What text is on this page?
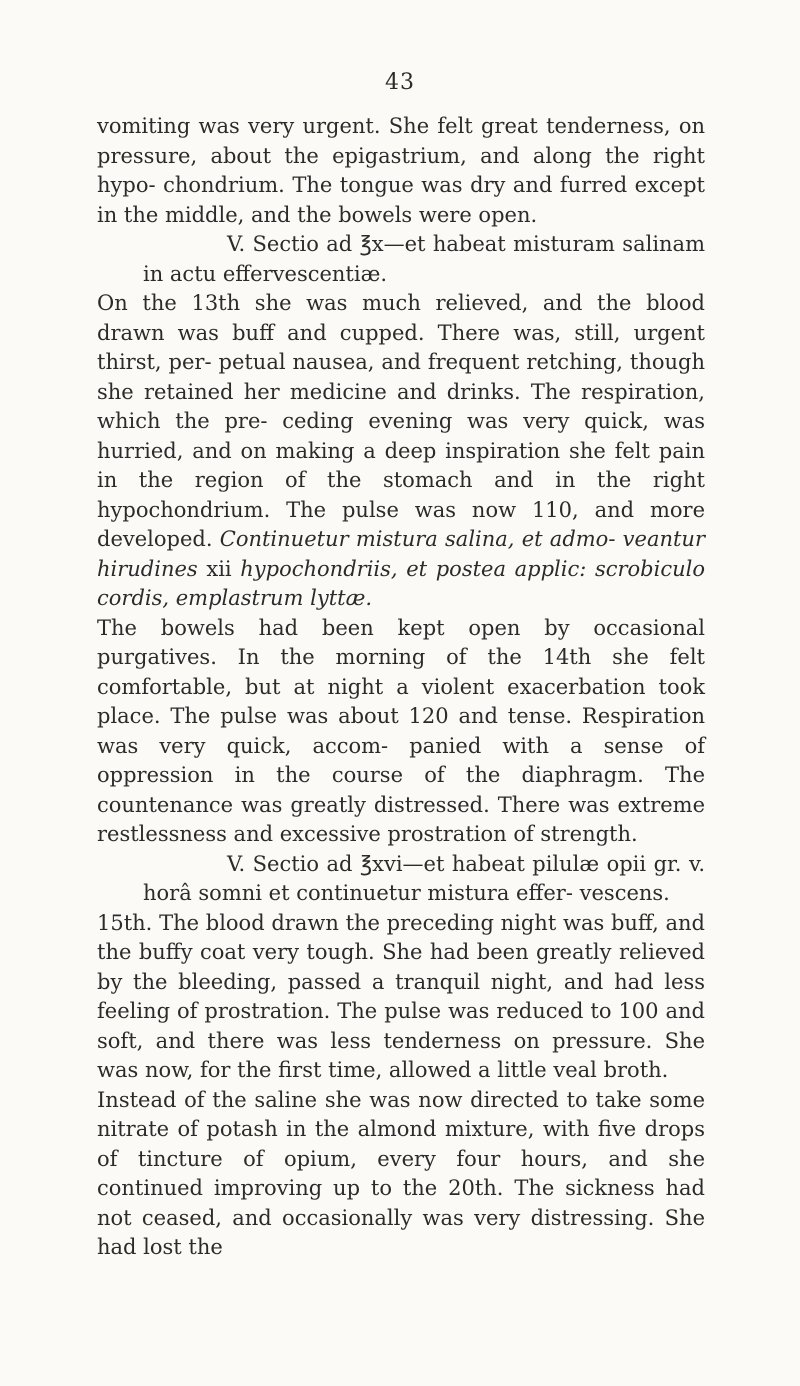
43

vomiting was very urgent. She felt great tenderness, on pressure, about the epigastrium, and along the right hypo- chondrium. The tongue was dry and furred except in the middle, and the bowels were open.

V. Sectio ad ℥x—et habeat misturam salinam in actu effervescentiæ.

On the 13th she was much relieved, and the blood drawn was buff and cupped. There was, still, urgent thirst, per- petual nausea, and frequent retching, though she retained her medicine and drinks. The respiration, which the pre- ceding evening was very quick, was hurried, and on making a deep inspiration she felt pain in the region of the stomach and in the right hypochondrium. The pulse was now 110, and more developed. Continuetur mistura salina, et admo- veantur hirudines xii hypochondriis, et postea applic: scrobiculo cordis, emplastrum lyttæ.

The bowels had been kept open by occasional purgatives. In the morning of the 14th she felt comfortable, but at night a violent exacerbation took place. The pulse was about 120 and tense. Respiration was very quick, accom- panied with a sense of oppression in the course of the diaphragm. The countenance was greatly distressed. There was extreme restlessness and excessive prostration of strength.

V. Sectio ad ℥xvi—et habeat pilulæ opii gr. v. horâ somni et continuetur mistura effer- vescens.

15th. The blood drawn the preceding night was buff, and the buffy coat very tough. She had been greatly relieved by the bleeding, passed a tranquil night, and had less feeling of prostration. The pulse was reduced to 100 and soft, and there was less tenderness on pressure. She was now, for the first time, allowed a little veal broth.

Instead of the saline she was now directed to take some nitrate of potash in the almond mixture, with five drops of tincture of opium, every four hours, and she continued improving up to the 20th. The sickness had not ceased, and occasionally was very distressing. She had lost the
